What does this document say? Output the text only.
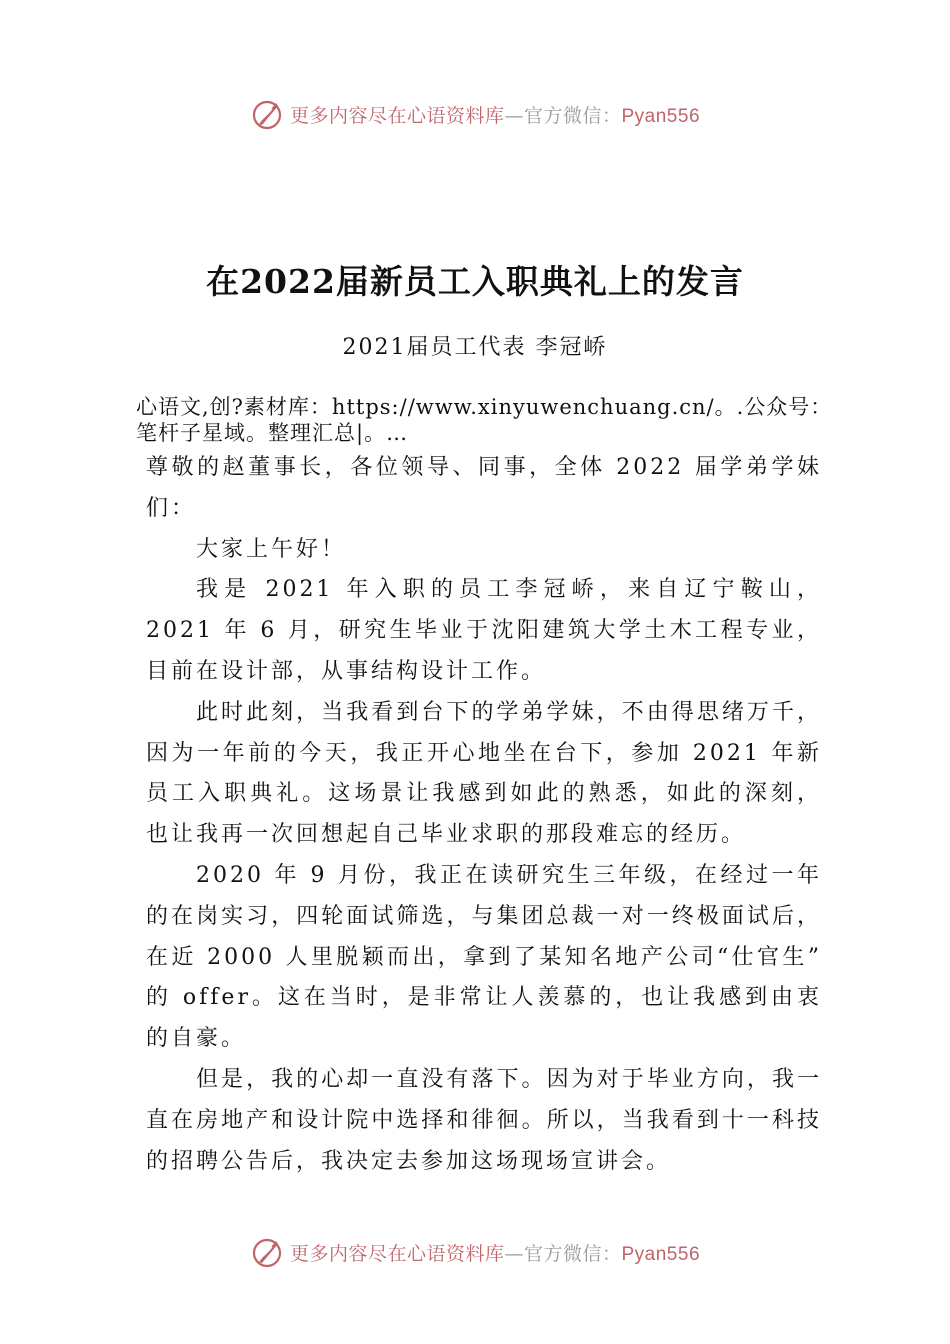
更多内容尽在心语资料库—官方微信：Pyan556
在2022届新员工入职典礼上的发言
2021届员工代表 李冠峤
心语文,创?素材库：https://www.xinyuwenchuang.cn/。.公众号：笔杆子星域。整理汇总|。…

尊敬的赵董事长，各位领导、同事，全体 2022 届学弟学妹们：

大家上午好！

我是 2021 年入职的员工李冠峤，来自辽宁鞍山，2021 年 6 月，研究生毕业于沈阳建筑大学土木工程专业，目前在设计部，从事结构设计工作。

此时此刻，当我看到台下的学弟学妹，不由得思绪万千，因为一年前的今天，我正开心地坐在台下，参加 2021 年新员工入职典礼。这场景让我感到如此的熟悉，如此的深刻， 也让我再一次回想起自己毕业求职的那段难忘的经历。

2020 年 9 月份，我正在读研究生三年级，在经过一年的在岗实习，四轮面试筛选，与集团总裁一对一终极面试后， 在近 2000 人里脱颖而出，拿到了某知名地产公司“仕官生” 的 offer。这在当时，是非常让人羡慕的，也让我感到由衷的自豪。

但是，我的心却一直没有落下。因为对于毕业方向，我一直在房地产和设计院中选择和徘徊。所以，当我看到十一科技的招聘公告后，我决定去参加这场现场宣讲会。

更多内容尽在心语资料库—官方微信：Pyan556
